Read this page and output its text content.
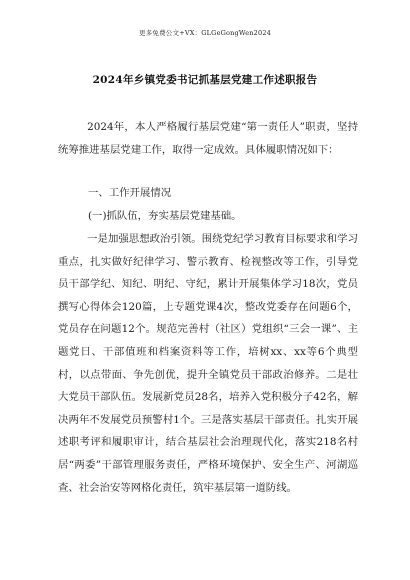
更多免费公文+VX：GLGeGongWen2024
2024年乡镇党委书记抓基层党建工作述职报告
2024年，本人严格履行基层党建“第一责任人”职责，坚持统筹推进基层党建工作，取得一定成效。具体履职情况如下：
一、工作开展情况
(一)抓队伍，夯实基层党建基础。
一是加强思想政治引领。围绕党纪学习教育目标要求和学习重点，扎实做好纪律学习、警示教育、检视整改等工作，引导党员干部学纪、知纪、明纪、守纪，累计开展集体学习18次，党员撰写心得体会120篇，上专题党课4次，整改党委存在问题6个，党员存在问题12个。规范完善村（社区）党组织“三会一课”、主题党日、干部值班和档案资料等工作，培树xx、xx等6个典型村，以点带面、争先创优，提升全镇党员干部政治修养。二是壮大党员干部队伍。发展新党员28名，培养入党积极分子42名，解决两年不发展党员预警村1个。三是落实基层干部责任。扎实开展述职考评和履职审计，结合基层社会治理现代化，落实218名村居“两委”干部管理服务责任，严格环境保护、安全生产、河湖巡查、社会治安等网格化责任，筑牢基层第一道防线。
